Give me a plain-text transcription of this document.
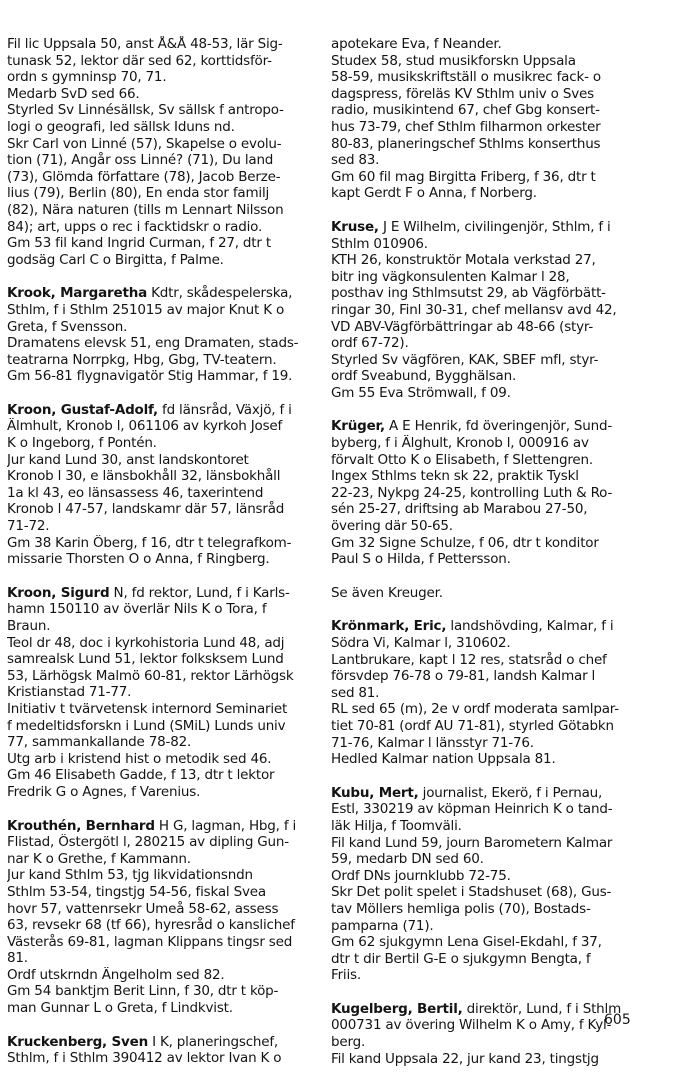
Fil lic Uppsala 50, anst Å&Å 48-53, lär Sig-
tunask 52, lektor där sed 62, korttidsför-
ordn s gymninsp 70, 71.
Medarb SvD sed 66.
Styrled Sv Linnésällsk, Sv sällsk f antropo-
logi o geografi, led sällsk Iduns nd.
Skr Carl von Linné (57), Skapelse o evolu-
tion (71), Angår oss Linné? (71), Du land
(73), Glömda författare (78), Jacob Berze-
lius (79), Berlin (80), En enda stor familj
(82), Nära naturen (tills m Lennart Nilsson
84); art, upps o rec i facktidskr o radio.
Gm 53 fil kand Ingrid Curman, f 27, dtr t
godsäg Carl C o Birgitta, f Palme.
Krook, Margaretha Kdtr, skådespelerska,
Sthlm, f i Sthlm 251015 av major Knut K o
Greta, f Svensson.
Dramatens elevsk 51, eng Dramaten, stads-
teatrarna Norrpkg, Hbg, Gbg, TV-teatern.
Gm 56-81 flygnavigatör Stig Hammar, f 19.
Kroon, Gustaf-Adolf, fd länsråd, Växjö, f i
Älmhult, Kronob l, 061106 av kyrkoh Josef
K o Ingeborg, f Pontén.
Jur kand Lund 30, anst landskontoret
Kronob l 30, e länsbokhåll 32, länsbokhåll
1a kl 43, eo länsassess 46, taxerintend
Kronob l 47-57, landskamr där 57, länsråd
71-72.
Gm 38 Karin Öberg, f 16, dtr t telegrafkom-
missarie Thorsten O o Anna, f Ringberg.
Kroon, Sigurd N, fd rektor, Lund, f i Karls-
hamn 150110 av överlär Nils K o Tora, f
Braun.
Teol dr 48, doc i kyrkohistoria Lund 48, adj
samrealsk Lund 51, lektor folksksem Lund
53, Lärhögsk Malmö 60-81, rektor Lärhögsk
Kristianstad 71-77.
Initiativ t tvärvetensk internord Seminariet
f medeltidsforskn i Lund (SMiL) Lunds univ
77, sammankallande 78-82.
Utg arb i kristend hist o metodik sed 46.
Gm 46 Elisabeth Gadde, f 13, dtr t lektor
Fredrik G o Agnes, f Varenius.
Krouthén, Bernhard H G, lagman, Hbg, f i
Flistad, Östergötl l, 280215 av dipling Gun-
nar K o Grethe, f Kammann.
Jur kand Sthlm 53, tjg likvidationsndn
Sthlm 53-54, tingstjg 54-56, fiskal Svea
hovr 57, vattenrsekr Umeå 58-62, assess
63, revsekr 68 (tf 66), hyresråd o kanslichef
Västerås 69-81, lagman Klippans tingsr sed
81.
Ordf utskrndn Ängelholm sed 82.
Gm 54 banktjm Berit Linn, f 30, dtr t köp-
man Gunnar L o Greta, f Lindkvist.
Kruckenberg, Sven I K, planeringschef,
Sthlm, f i Sthlm 390412 av lektor Ivan K o
apotekare Eva, f Neander.
Studex 58, stud musikforskn Uppsala
58-59, musikskriftställ o musikrec fack- o
dagspress, föreläs KV Sthlm univ o Sves
radio, musikintend 67, chef Gbg konsert-
hus 73-79, chef Sthlm filharmon orkester
80-83, planeringschef Sthlms konserthus
sed 83.
Gm 60 fil mag Birgitta Friberg, f 36, dtr t
kapt Gerdt F o Anna, f Norberg.
Kruse, J E Wilhelm, civilingenjör, Sthlm, f i
Sthlm 010906.
KTH 26, konstruktör Motala verkstad 27,
bitr ing vägkonsulenten Kalmar l 28,
posthav ing Sthlmsutst 29, ab Vägförbätt-
ringar 30, Finl 30-31, chef mellansv avd 42,
VD ABV-Vägförbättringar ab 48-66 (styr-
ordf 67-72).
Styrled Sv vägfören, KAK, SBEF mfl, styr-
ordf Sveabund, Bygghälsan.
Gm 55 Eva Strömwall, f 09.
Krüger, A E Henrik, fd överingenjör, Sund-
byberg, f i Älghult, Kronob l, 000916 av
förvalt Otto K o Elisabeth, f Slettengren.
Ingex Sthlms tekn sk 22, praktik Tyskl
22-23, Nykpg 24-25, kontrolling Luth & Ro-
sén 25-27, driftsing ab Marabou 27-50,
övering där 50-65.
Gm 32 Signe Schulze, f 06, dtr t konditor
Paul S o Hilda, f Pettersson.
Se även Kreuger.
Krönmark, Eric, landshövding, Kalmar, f i
Södra Vi, Kalmar l, 310602.
Lantbrukare, kapt l 12 res, statsråd o chef
försvdep 76-78 o 79-81, landsh Kalmar l
sed 81.
RL sed 65 (m), 2e v ordf moderata samlpar-
tiet 70-81 (ordf AU 71-81), styrled Götabkn
71-76, Kalmar l länsstyr 71-76.
Hedled Kalmar nation Uppsala 81.
Kubu, Mert, journalist, Ekerö, f i Pernau,
Estl, 330219 av köpman Heinrich K o tand-
läk Hilja, f Toomväli.
Fil kand Lund 59, journ Barometern Kalmar
59, medarb DN sed 60.
Ordf DNs journklubb 72-75.
Skr Det polit spelet i Stadshuset (68), Gus-
tav Möllers hemliga polis (70), Bostads-
pamparna (71).
Gm 62 sjukgymn Lena Gisel-Ekdahl, f 37,
dtr t dir Bertil G-E o sjukgymn Bengta, f
Friis.
Kugelberg, Bertil, direktör, Lund, f i Sthlm
000731 av övering Wilhelm K o Amy, f Kyl-
berg.
Fil kand Uppsala 22, jur kand 23, tingstjg
605
